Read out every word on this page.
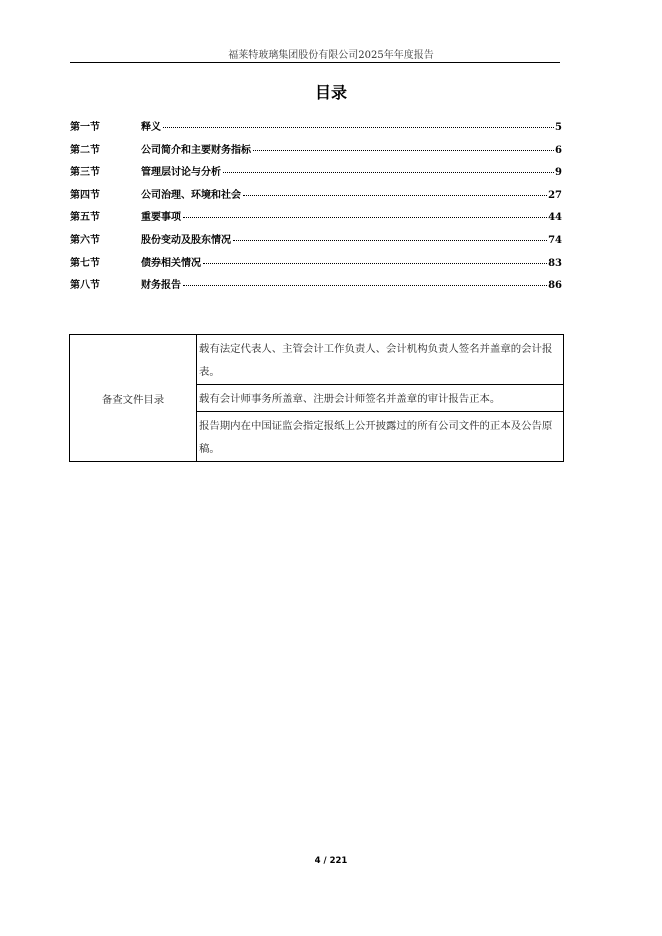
福莱特玻璃集团股份有限公司2025年年度报告
目录
第一节	释义	5
第二节	公司简介和主要财务指标	6
第三节	管理层讨论与分析	9
第四节	公司治理、环境和社会	27
第五节	重要事项	44
第六节	股份变动及股东情况	74
第七节	债券相关情况	83
第八节	财务报告	86
备查文件目录	载有法定代表人、主管会计工作负责人、会计机构负责人签名并盖章的会计报表。
载有会计师事务所盖章、注册会计师签名并盖章的审计报告正本。
报告期内在中国证监会指定报纸上公开披露过的所有公司文件的正本及公告原稿。
4 / 221
